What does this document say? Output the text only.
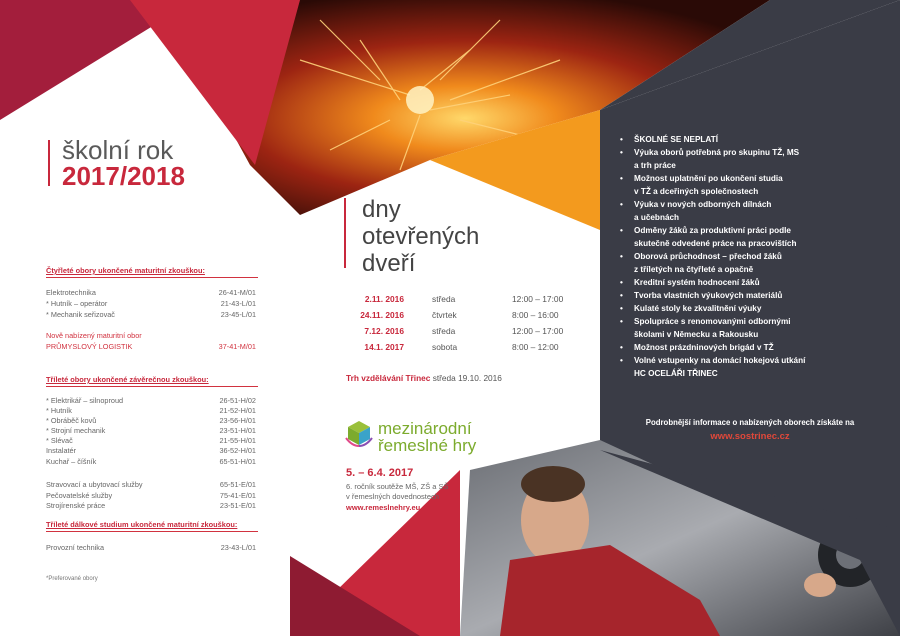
školní rok
2017/2018
Čtyřleté obory ukončené maturitní zkouškou:
Elektrotechnika	26-41-M/01
* Hutník – operátor	21-43-L/01
* Mechanik seřizovač	23-45-L/01
Nově nabízený maturitní obor
PRŮMYSLOVÝ LOGISTIK	37-41-M/01
Tříleté obory ukončené závěrečnou zkouškou:
* Elektrikář – silnoproud	26-51-H/02
* Hutník	21-52-H/01
* Obráběč kovů	23-56-H/01
* Strojní mechanik	23-51-H/01
* Slévač	21-55-H/01
Instalatér	36-52-H/01
Kuchař – číšník	65-51-H/01
Stravovací a ubytovací služby	65-51-E/01
Pečovatelské služby	75-41-E/01
Strojírenské práce	23-51-E/01
Tříleté dálkové studium ukončené maturitní zkouškou:
Provozní technika	23-43-L/01
*Preferované obory
dny
otevřených
dveří
2.11. 2016	středa	12:00 – 17:00
24.11. 2016	čtvrtek	8:00 – 16:00
7.12. 2016	středa	12:00 – 17:00
14.1. 2017	sobota	8:00 – 12:00
Trh vzdělávání Třinec středa 19.10. 2016
mezinárodní
řemeslné hry
5. – 6.4. 2017
6. ročník soutěže MŠ, ZŠ a SŠ
v řemeslných dovednostech
www.remeslnehry.eu
• ŠKOLNÉ SE NEPLATÍ
• Výuka oborů potřebná pro skupinu TŽ, MS
a trh práce
• Možnost uplatnění po ukončení studia
v TŽ a dceřiných společnostech
• Výuka v nových odborných dílnách
a učebnách
• Odměny žáků za produktivní práci podle
skutečně odvedené práce na pracovištích
• Oborová průchodnost – přechod žáků
z tříletých na čtyřleté a opačně
• Kreditní systém hodnocení žáků
• Tvorba vlastních výukových materiálů
• Kulaté stoly ke zkvalitnění výuky
• Spolupráce s renomovanými odbornými
školami v Německu a Rakousku
• Možnost prázdninových brigád v TŽ
• Volné vstupenky na domácí hokejová utkání
HC OCELÁŘI TŘINEC
Podrobnější informace o nabízených oborech získáte na
www.sostrinec.cz
